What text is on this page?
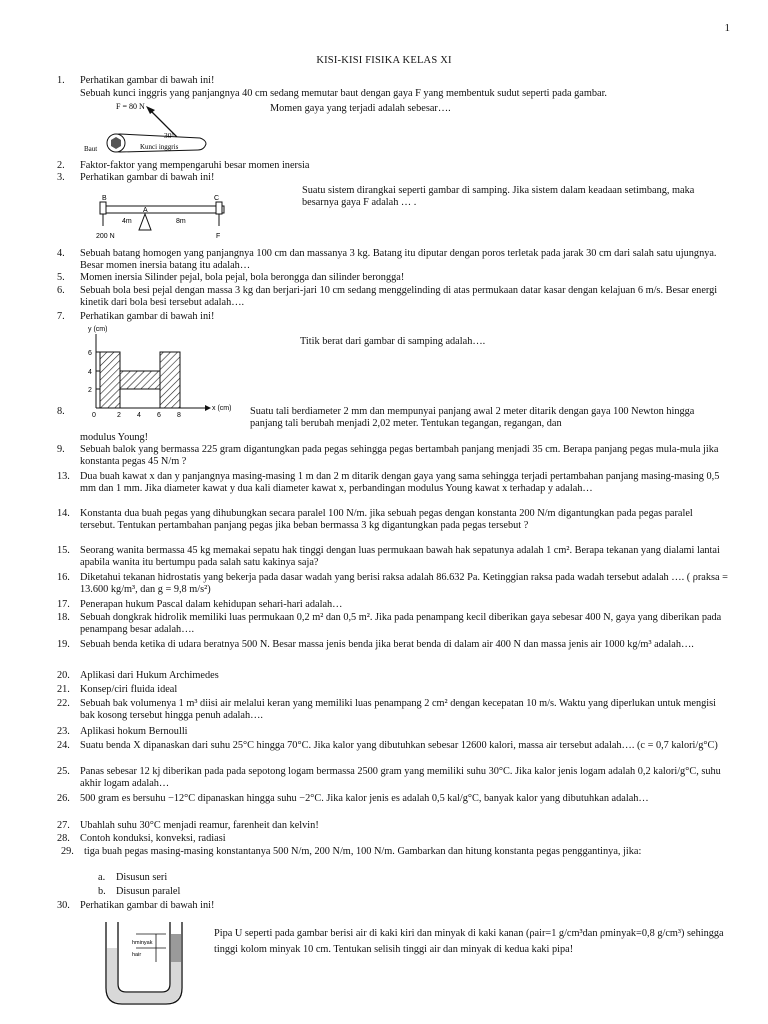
1
KISI-KISI FISIKA KELAS XI
1.	Perhatikan gambar di bawah ini!
Sebuah kunci inggris yang panjangnya 40 cm sedang memutar baut dengan gaya F yang membentuk sudut seperti pada gambar.
Momen gaya yang terjadi adalah sebesar….
F = 80 N
30°
Baut	Kunci inggris
2.	Faktor-faktor yang mempengaruhi besar momen inersia
3.	Perhatikan gambar di bawah ini!
Suatu sistem dirangkai seperti gambar di samping. Jika sistem dalam keadaan setimbang, maka besarnya gaya F adalah … .
B
A
C
4m	8m
200 N	F
4.	Sebuah batang homogen yang panjangnya 100 cm dan massanya 3 kg. Batang itu diputar dengan poros terletak pada jarak 30 cm dari salah satu ujungnya. Besar momen inersia batang itu adalah…
5.	Momen inersia Silinder pejal, bola pejal, bola berongga dan silinder berongga!
6.	Sebuah bola besi pejal dengan massa 3 kg dan berjari-jari 10 cm sedang menggelinding di atas permukaan datar kasar dengan kelajuan 6 m/s. Besar energi kinetik dari bola besi tersebut adalah….
7.	Perhatikan gambar di bawah ini!
Titik berat dari gambar di samping adalah….
y (cm)
x (cm)
6
4
2
0	2 4 6 8
8.	Suatu tali berdiameter 2 mm dan mempunyai panjang awal 2 meter ditarik dengan gaya 100 Newton hingga panjang tali berubah menjadi 2,02 meter. Tentukan tegangan, regangan, dan
modulus Young!
9.	Sebuah balok yang bermassa 225 gram digantungkan pada pegas sehingga pegas bertambah panjang menjadi 35 cm. Berapa panjang pegas mula-mula jika konstanta pegas 45 N/m ?
13. Dua buah kawat x dan y panjangnya masing-masing 1 m dan 2 m ditarik dengan gaya yang sama sehingga terjadi pertambahan panjang masing-masing 0,5 mm dan 1 mm. Jika diameter kawat y dua kali diameter kawat x, perbandingan modulus Young kawat x terhadap y adalah…
14. Konstanta dua buah pegas yang dihubungkan secara paralel 100 N/m. jika sebuah pegas dengan konstanta 200 N/m digantungkan pada pegas paralel tersebut. Tentukan pertambahan panjang pegas jika beban bermassa 3 kg digantungkan pada pegas tersebut ?
15. Seorang wanita bermassa 45 kg memakai sepatu hak tinggi dengan luas permukaan bawah hak sepatunya adalah 1 cm². Berapa tekanan yang dialami lantai apabila wanita itu bertumpu pada salah satu kakinya saja?
16. Diketahui tekanan hidrostatis yang bekerja pada dasar wadah yang berisi raksa adalah 86.632 Pa. Ketinggian raksa pada wadah tersebut adalah …. ( ρraksa = 13.600 kg/m³, dan g = 9,8 m/s²)
17. Penerapan hukum Pascal dalam kehidupan sehari-hari adalah…
18. Sebuah dongkrak hidrolik memiliki luas permukaan 0,2 m² dan 0,5 m². Jika pada penampang kecil diberikan gaya sebesar 400 N, gaya yang diberikan pada penampang besar adalah….
19. Sebuah benda ketika di udara beratnya 500 N. Besar massa jenis benda jika berat benda di dalam air 400 N dan massa jenis air 1000 kg/m³ adalah….
20. Aplikasi dari Hukum Archimedes
21. Konsep/ciri fluida ideal
22. Sebuah bak volumenya 1 m³ diisi air melalui keran yang memiliki luas penampang 2 cm² dengan kecepatan 10 m/s. Waktu yang diperlukan untuk mengisi bak kosong tersebut hingga penuh adalah….
23. Aplikasi hokum Bernoulli
24. Suatu benda X dipanaskan dari suhu 25°C hingga 70°C. Jika kalor yang dibutuhkan sebesar 12600 kalori, massa air tersebut adalah…. (c = 0,7 kalori/g°C)
25. Panas sebesar 12 kj diberikan pada pada sepotong logam bermassa 2500 gram yang memiliki suhu 30°C. Jika kalor jenis logam adalah 0,2 kalori/g°C, suhu akhir logam adalah…
26. 500 gram es bersuhu −12°C dipanaskan hingga suhu −2°C. Jika kalor jenis es adalah 0,5 kal/g°C, banyak kalor yang dibutuhkan adalah…
27. Ubahlah suhu 30°C menjadi reamur, farenheit dan kelvin!
28. Contoh konduksi, konveksi, radiasi
29. tiga buah pegas masing-masing konstantanya 500 N/m, 200 N/m, 100 N/m. Gambarkan dan hitung konstanta pegas penggantinya, jika:
a. Disusun seri
b. Disusun paralel
30. Perhatikan gambar di bawah ini!
hminyak
hair
Pipa U seperti pada gambar berisi air di kaki kiri dan minyak di kaki kanan (ρair=1 g/cm³dan ρminyak=0,8 g/cm³) sehingga tinggi kolom minyak 10 cm. Tentukan selisih tinggi air dan minyak di kedua kaki pipa!
